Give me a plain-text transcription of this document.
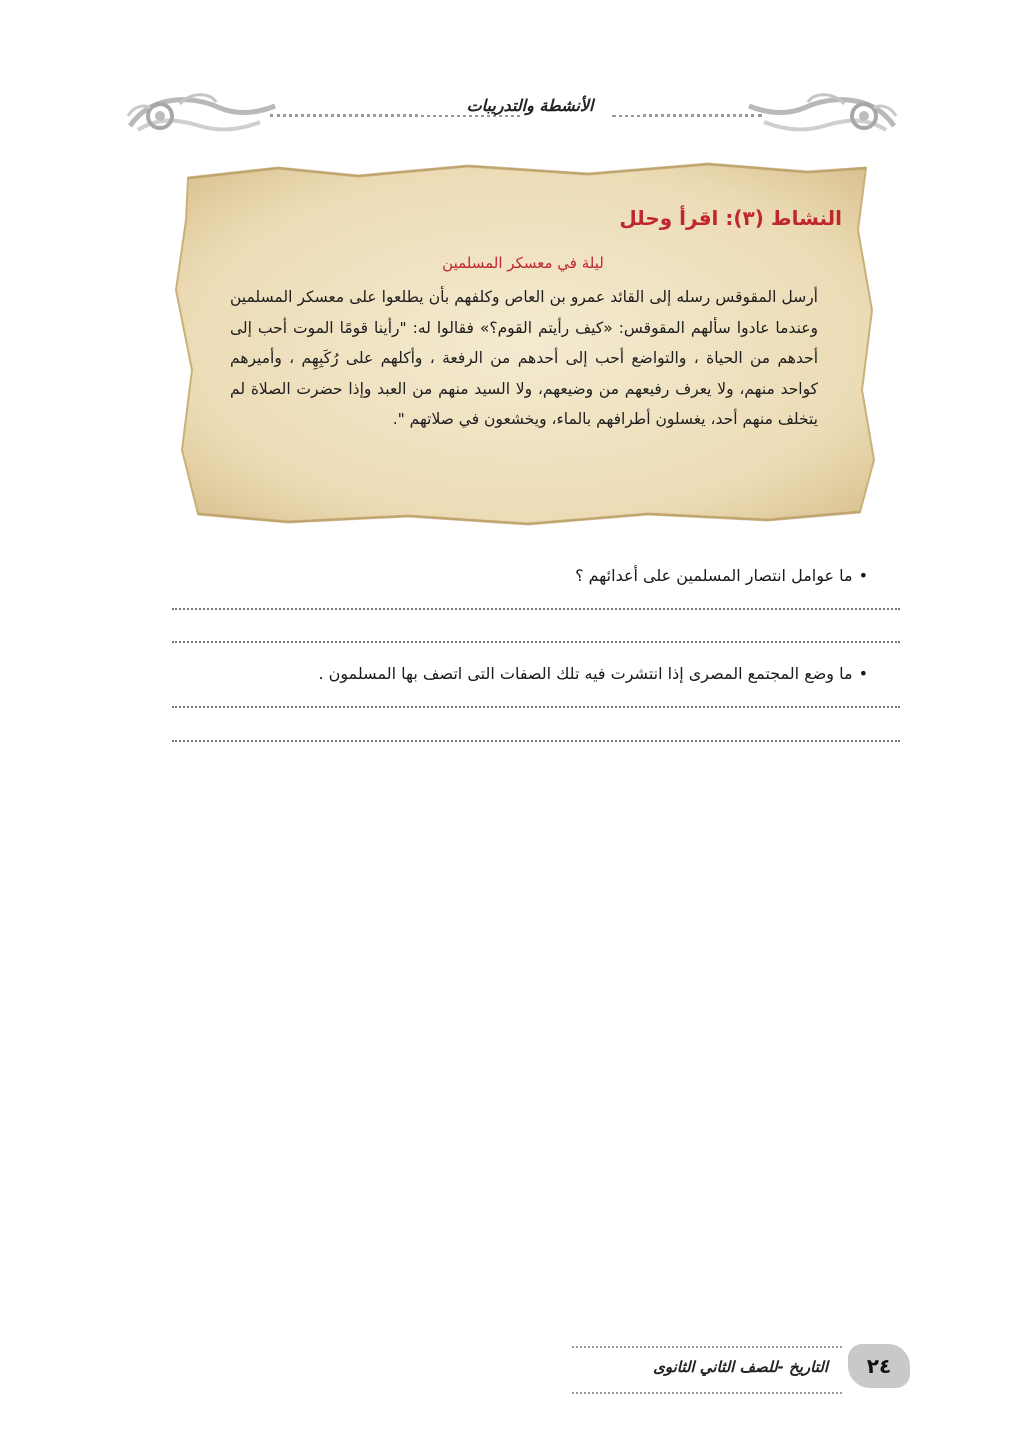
الأنشطة والتدريبات
النشاط (٣): اقرأ وحلل
ليلة في معسكر المسلمين
أرسل المقوقس رسله إلى القائد عمرو بن العاص وكلفهم بأن يطلعوا على معسكر المسلمين وعندما عادوا سألهم المقوقس: «كيف رأيتم القوم؟» فقالوا له: "رأينا قومًا الموت أحب إلى أحدهم من الحياة ، والتواضع أحب إلى أحدهم من الرفعة ، وأكلهم على رُكَبِهِم ، وأميرهم كواحد منهم، ولا يعرف رفيعهم من وضيعهم، ولا السيد منهم من العبد وإذا حضرت الصلاة لم يتخلف منهم أحد، يغسلون أطرافهم بالماء، ويخشعون في صلاتهم ".
•ما عوامل انتصار المسلمين على أعدائهم ؟
•ما وضع المجتمع المصرى إذا انتشرت فيه تلك الصفات التى اتصف بها المسلمون .
التاريخ -للصف الثاني الثانوى	٢٤
